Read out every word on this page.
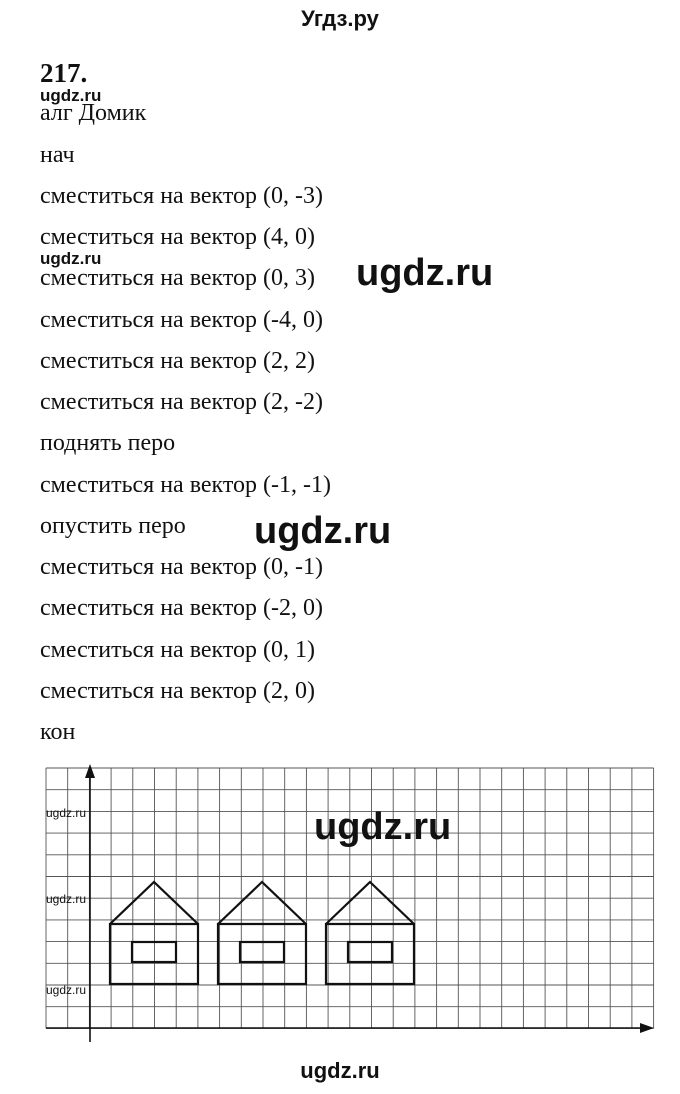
Угдз.ру
217.
алг Домик
нач
сместиться на вектор (0, -3)
сместиться на вектор (4, 0)
сместиться на вектор (0, 3)
сместиться на вектор (-4, 0)
сместиться на вектор (2, 2)
сместиться на вектор (2, -2)
поднять перо
сместиться на вектор (-1, -1)
опустить перо
сместиться на вектор (0, -1)
сместиться на вектор (-2, 0)
сместиться на вектор (0, 1)
сместиться на вектор (2, 0)
кон
ugdz.ru
ugdz.ru	ugdz.ru
ugdz.ru
ugdz.ru
ugdz.ru
ugdz.ru
ugdz.ru
ugdz.ru
